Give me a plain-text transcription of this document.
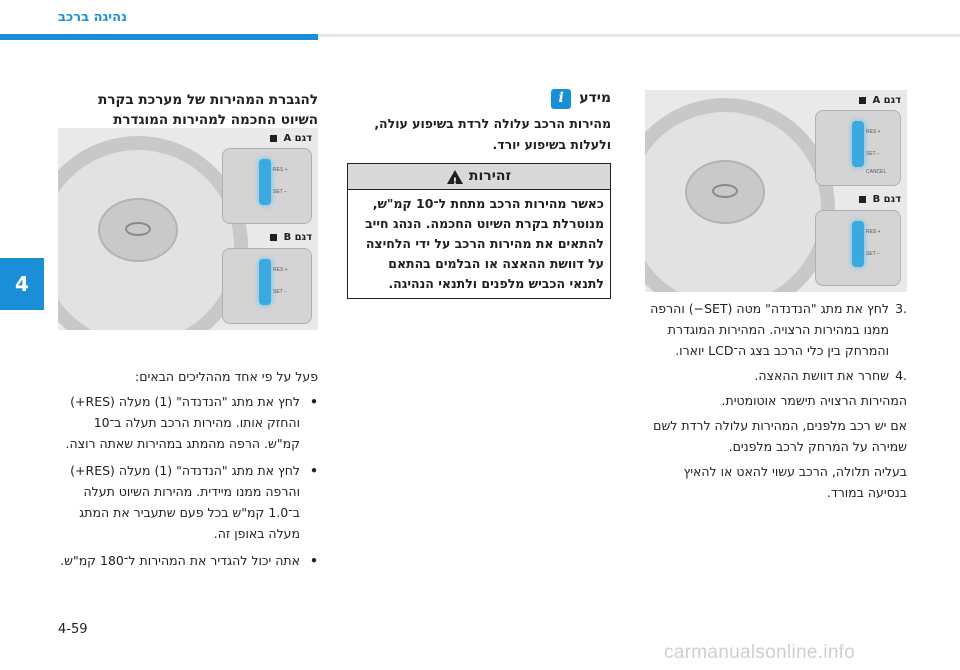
נהיגה ברכב
4
דגם A
RES +
SET −
CANCEL
דגם B
RES +
SET −
דגם A
RES +
SET −
דגם B
RES +
SET −
.3
לחץ את מתג "הנדנדה" מטה (SET−) והרפה ממנו במהירות הרצויה. המהירות המוגדרת והמרחק בין כלי הרכב בצג ה־LCD יוארו.
.4
שחרר את דוושת ההאצה.

המהירות הרצויה תישמר אוטומטית.

אם יש רכב מלפנים, המהירות עלולה לרדת לשם שמירה על המרחק לרכב מלפנים.

בעליה תלולה, הרכב עשוי להאט או להאיץ בנסיעה במורד.

מידע
i

מהירות הרכב עלולה לרדת בשיפוע עולה, ולעלות בשיפוע יורד.

זהירות
!

כאשר מהירות הרכב מתחת ל־10 קמ"ש, מנוטרלת בקרת השיוט החכמה. הנהג חייב להתאים את מהירות הרכב על ידי הלחיצה על דוושת ההאצה או הבלמים בהתאם לתנאי הכביש מלפנים ולתנאי הנהיגה.

להגברת המהירות של מערכת בקרת השיוט החכמה למהירות המוגדרת

פעל על פי אחד מההליכים הבאים:

•
לחץ את מתג "הנדנדה" (1) מעלה (RES+) והחזק אותו. מהירות הרכב תעלה ב־10 קמ"ש. הרפה מהמתג במהירות שאתה רוצה.
•
לחץ את מתג "הנדנדה" (1) מעלה (RES+) והרפה ממנו מיידית. מהירות השיוט תעלה ב־1.0 קמ"ש בכל פעם שתעביר את המתג מעלה באופן זה.
•
אתה יכול להגדיר את המהירות ל־180 קמ"ש.
4-59
carmanualsonline.info
